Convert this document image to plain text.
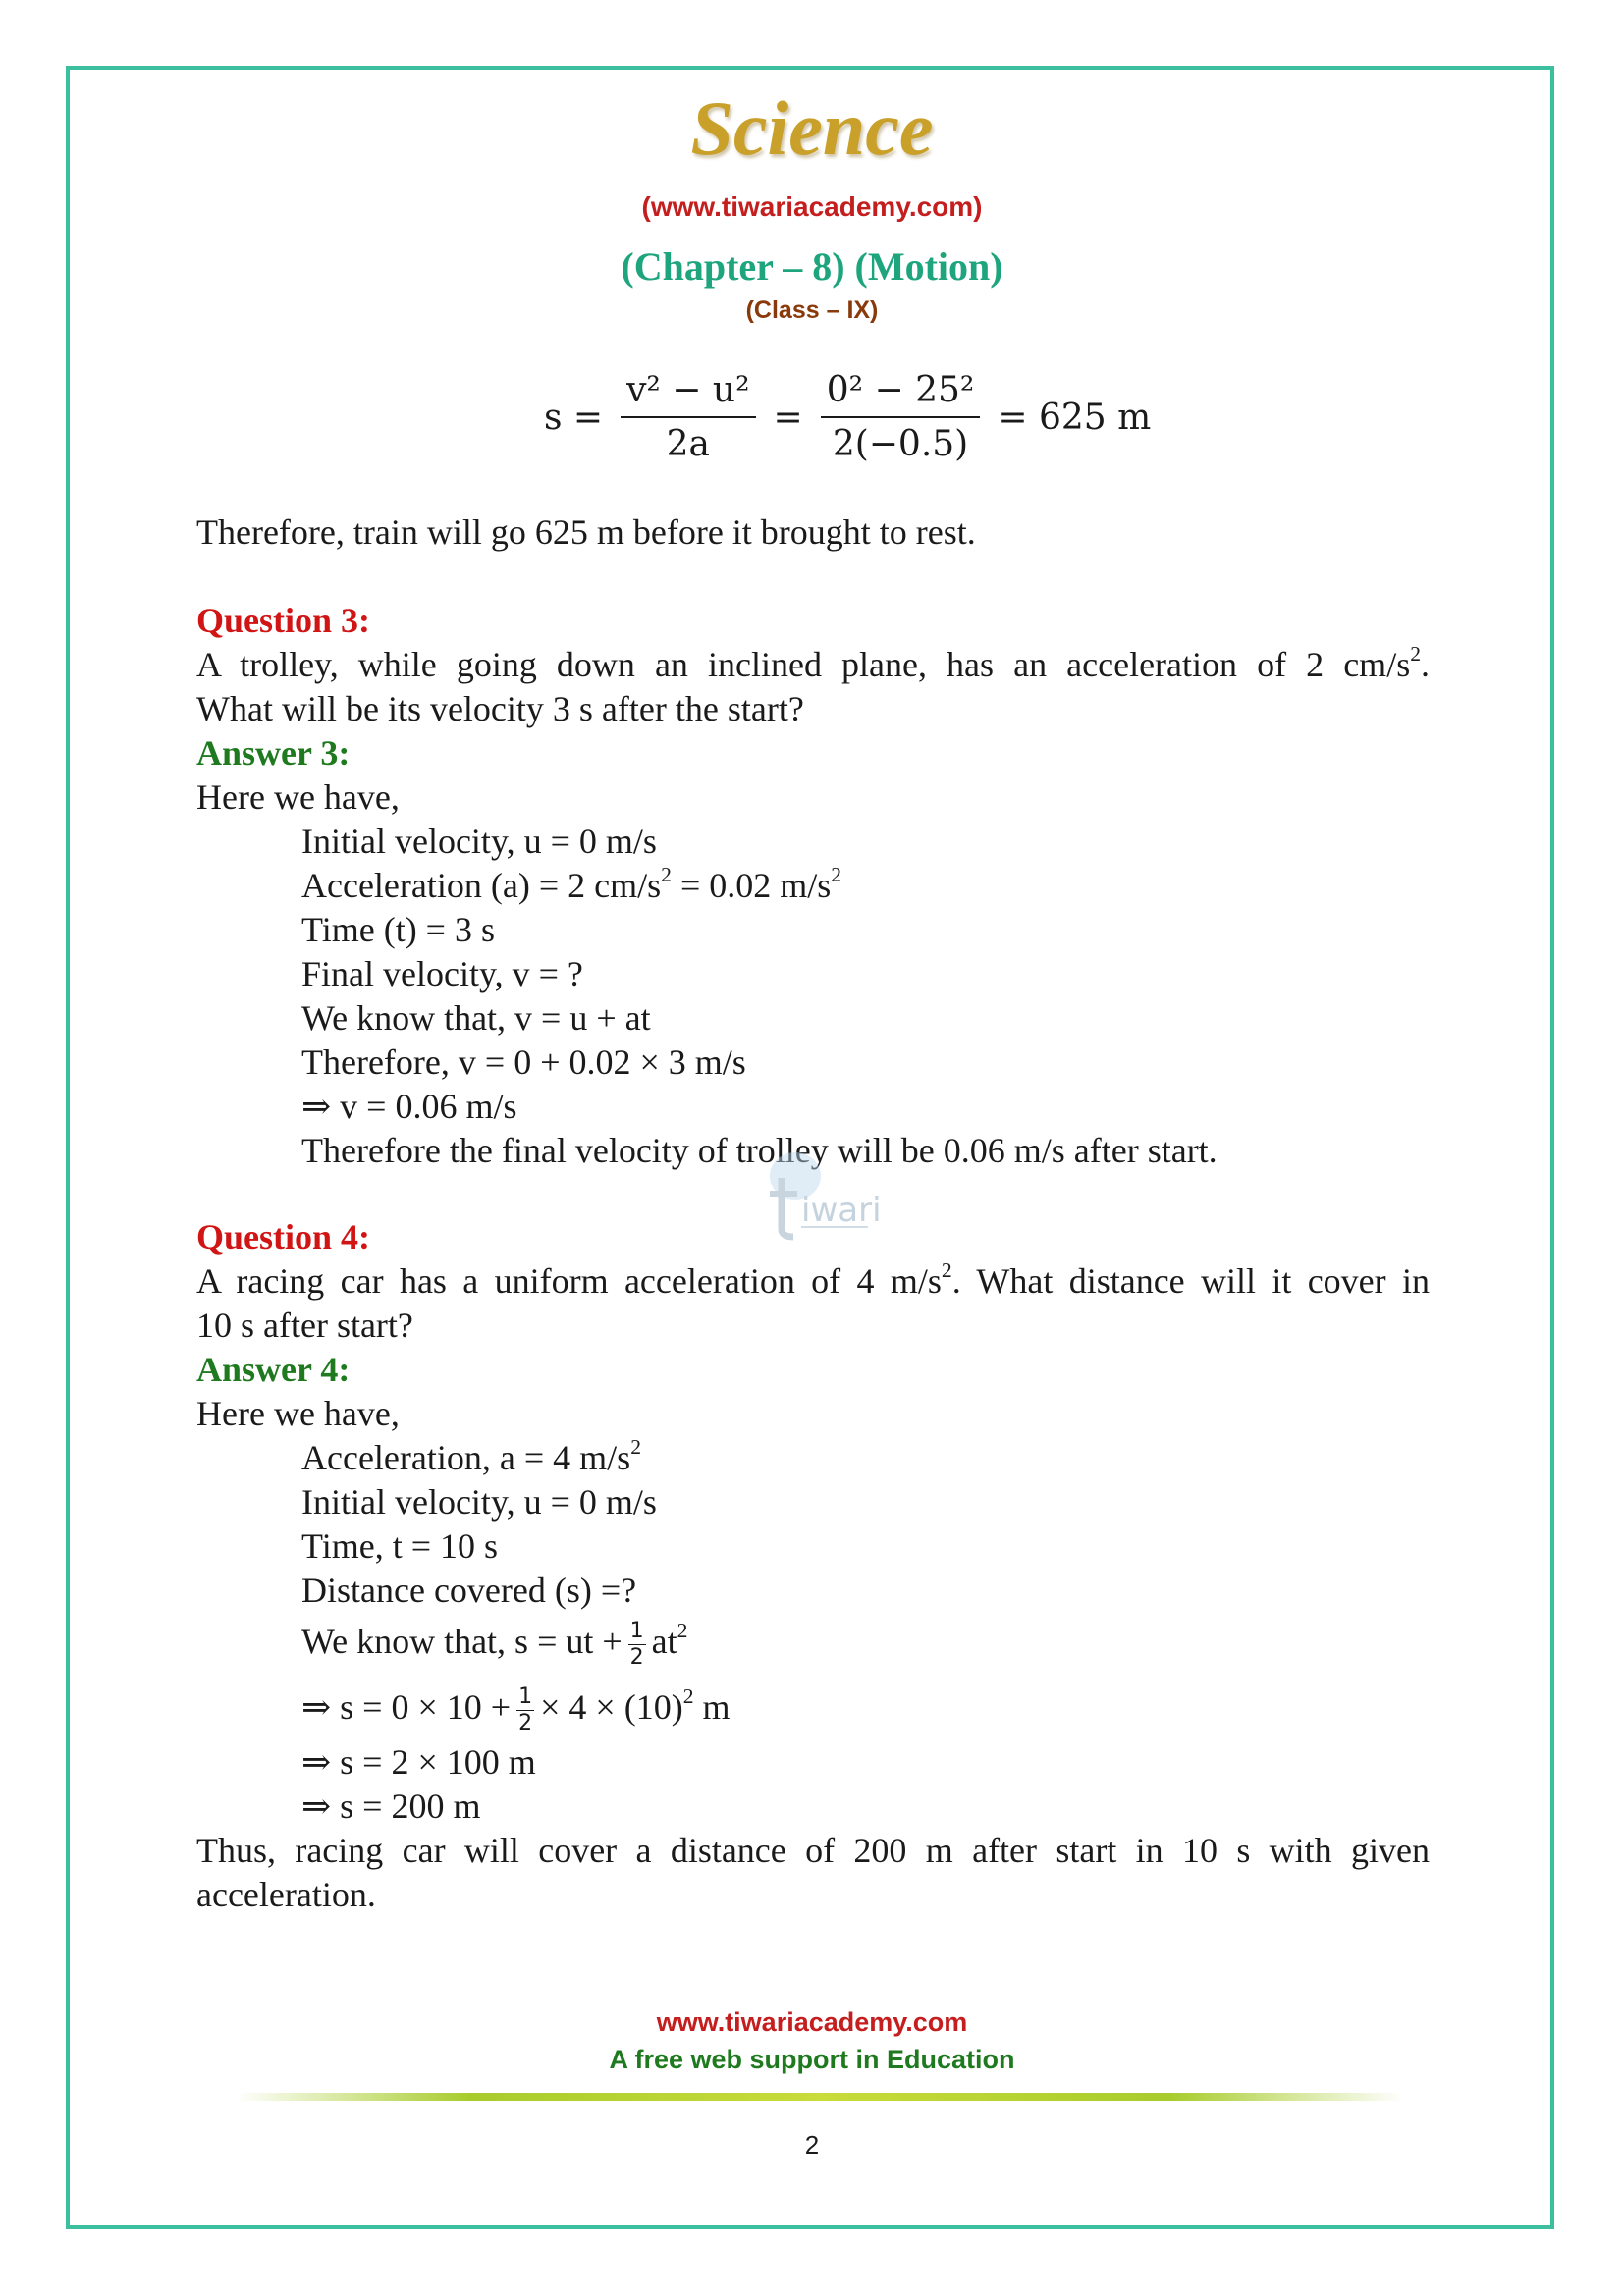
Science
(www.tiwariacademy.com)
(Chapter – 8) (Motion)
(Class – IX)
$s = \frac{\text{v² − u²}}{2a} = \frac{\text{0² − 25²}}{2(-0.5)} = 625$ m
Therefore, train will go 625 m before it brought to rest.
Question 3:
A trolley, while going down an inclined plane, has an acceleration of 2 $cm/s^2$.
What will be its velocity 3 s after the start?
Answer 3:
Here we have,
Initial velocity, u = 0 m/s
Acceleration (a) = 2 $cm/s^2 = 0.02$ $m/s^2$
Time (t) = 3 s
Final velocity, v = ?
We know that, v = u + at
Therefore, v = 0 + 0.02 × 3 m/s
⇒ v = 0.06 m/s
Therefore the final velocity of trolley will be 0.06 m/s after start.
iwari
Question 4:
A racing car has a uniform acceleration of 4 $m/s^2$. What distance will it cover in
10 s after start?
Answer 4:
Here we have,
Acceleration, a = 4 $m/s^2$
Initial velocity, u = 0 m/s
Time, t = 10 s
Distance covered (s) =?
We know that, s = ut + $\frac{1}{2} at^2$
⇒ $s = 0 \times 10 + \frac{1}{2} \times 4 \times (10)^2$ m
⇒ s = 2 × 100 m
⇒ s = 200 m
Thus, racing car will cover a distance of 200 m after start in 10 s with given
acceleration.
www.tiwariacademy.com
A free web support in Education
2
